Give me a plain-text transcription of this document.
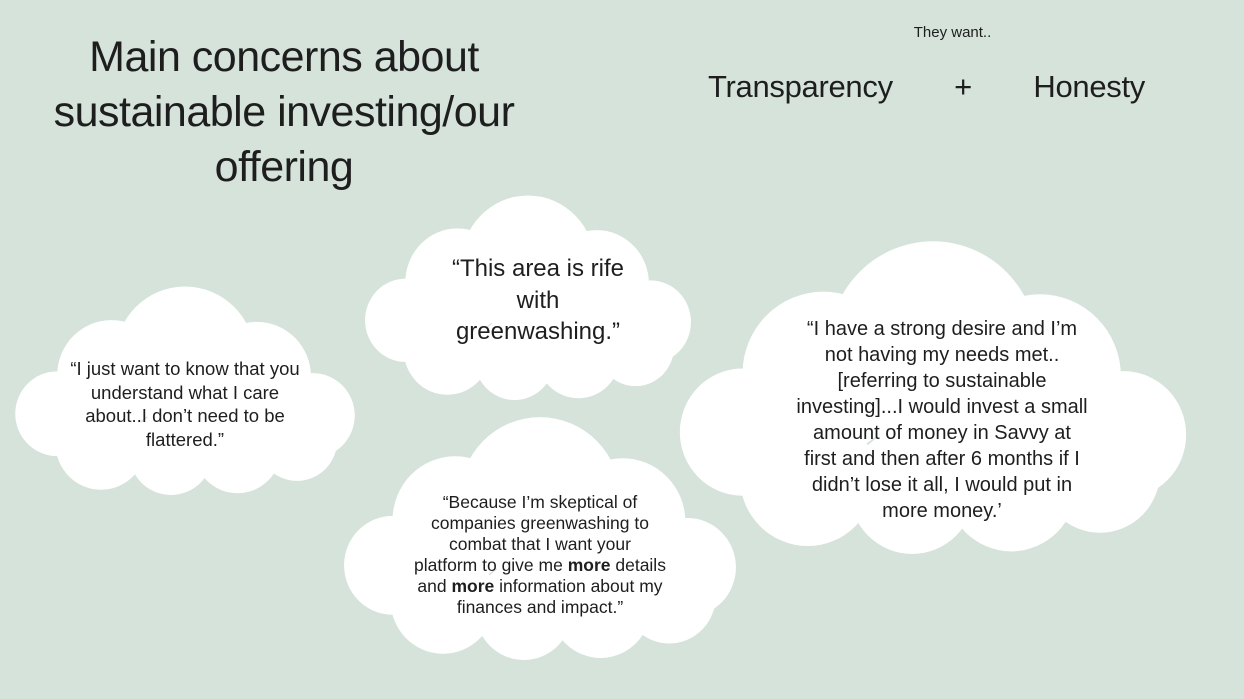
Main concerns about
sustainable investing/our
offering
They want..
Transparency + Honesty
“I just want to know that you
understand what I care
about..I don’t need to be
flattered.”
“This area is rife
with
greenwashing.”
“Because I’m skeptical of
companies greenwashing to
combat that I want your
platform to give me more details
and more information about my
finances and impact.”
“I have a strong desire and I’m
not having my needs met..
[referring to sustainable
investing]...I would invest a small
amount of money in Savvy at
first and then after 6 months if I
didn’t lose it all, I would put in
more money.’
